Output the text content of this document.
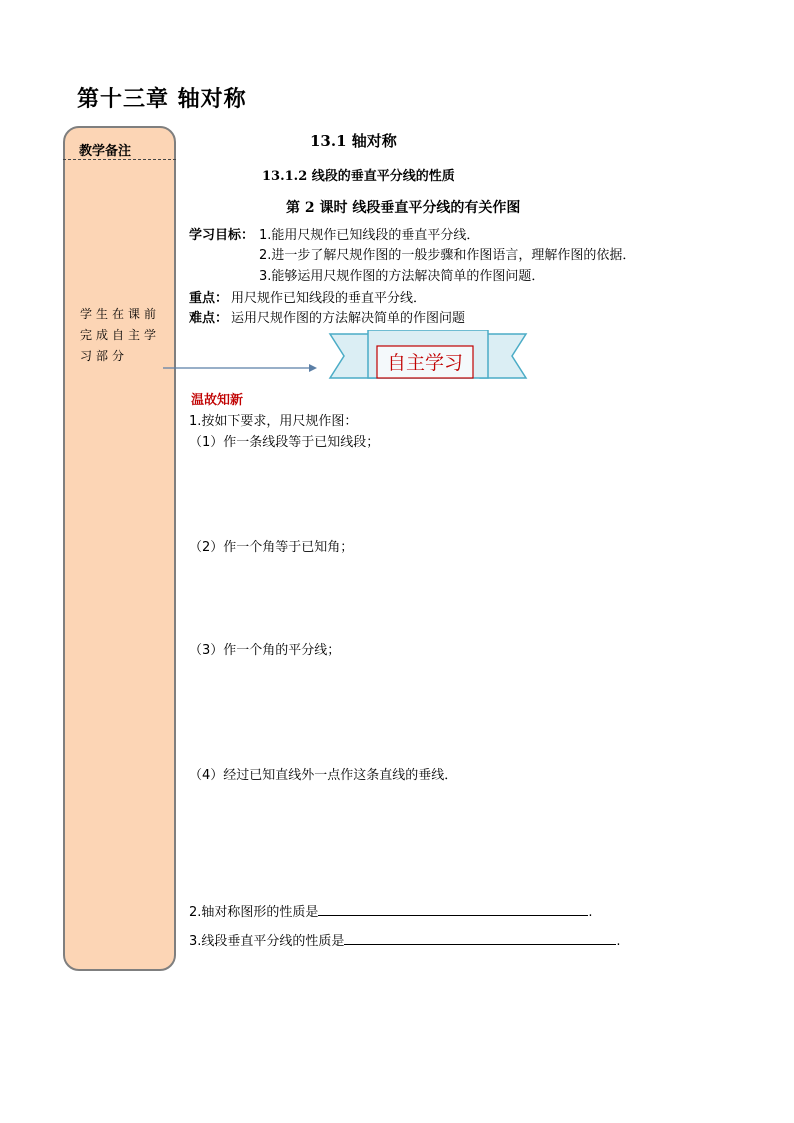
第十三章 轴对称
教学备注
学生在课前完成自主学习部分
13.1 轴对称
13.1.2 线段的垂直平分线的性质
第 2 课时 线段垂直平分线的有关作图
学习目标： 1.能用尺规作已知线段的垂直平分线．
2.进一步了解尺规作图的一般步骤和作图语言，理解作图的依据．
3.能够运用尺规作图的方法解决简单的作图问题．
重点： 用尺规作已知线段的垂直平分线．
难点： 运用尺规作图的方法解决简单的作图问题
自主学习
温故知新
1.按如下要求，用尺规作图：
（1）作一条线段等于已知线段；
（2）作一个角等于已知角；
（3）作一个角的平分线；
（4）经过已知直线外一点作这条直线的垂线．
2.轴对称图形的性质是	.
3.线段垂直平分线的性质是	.
